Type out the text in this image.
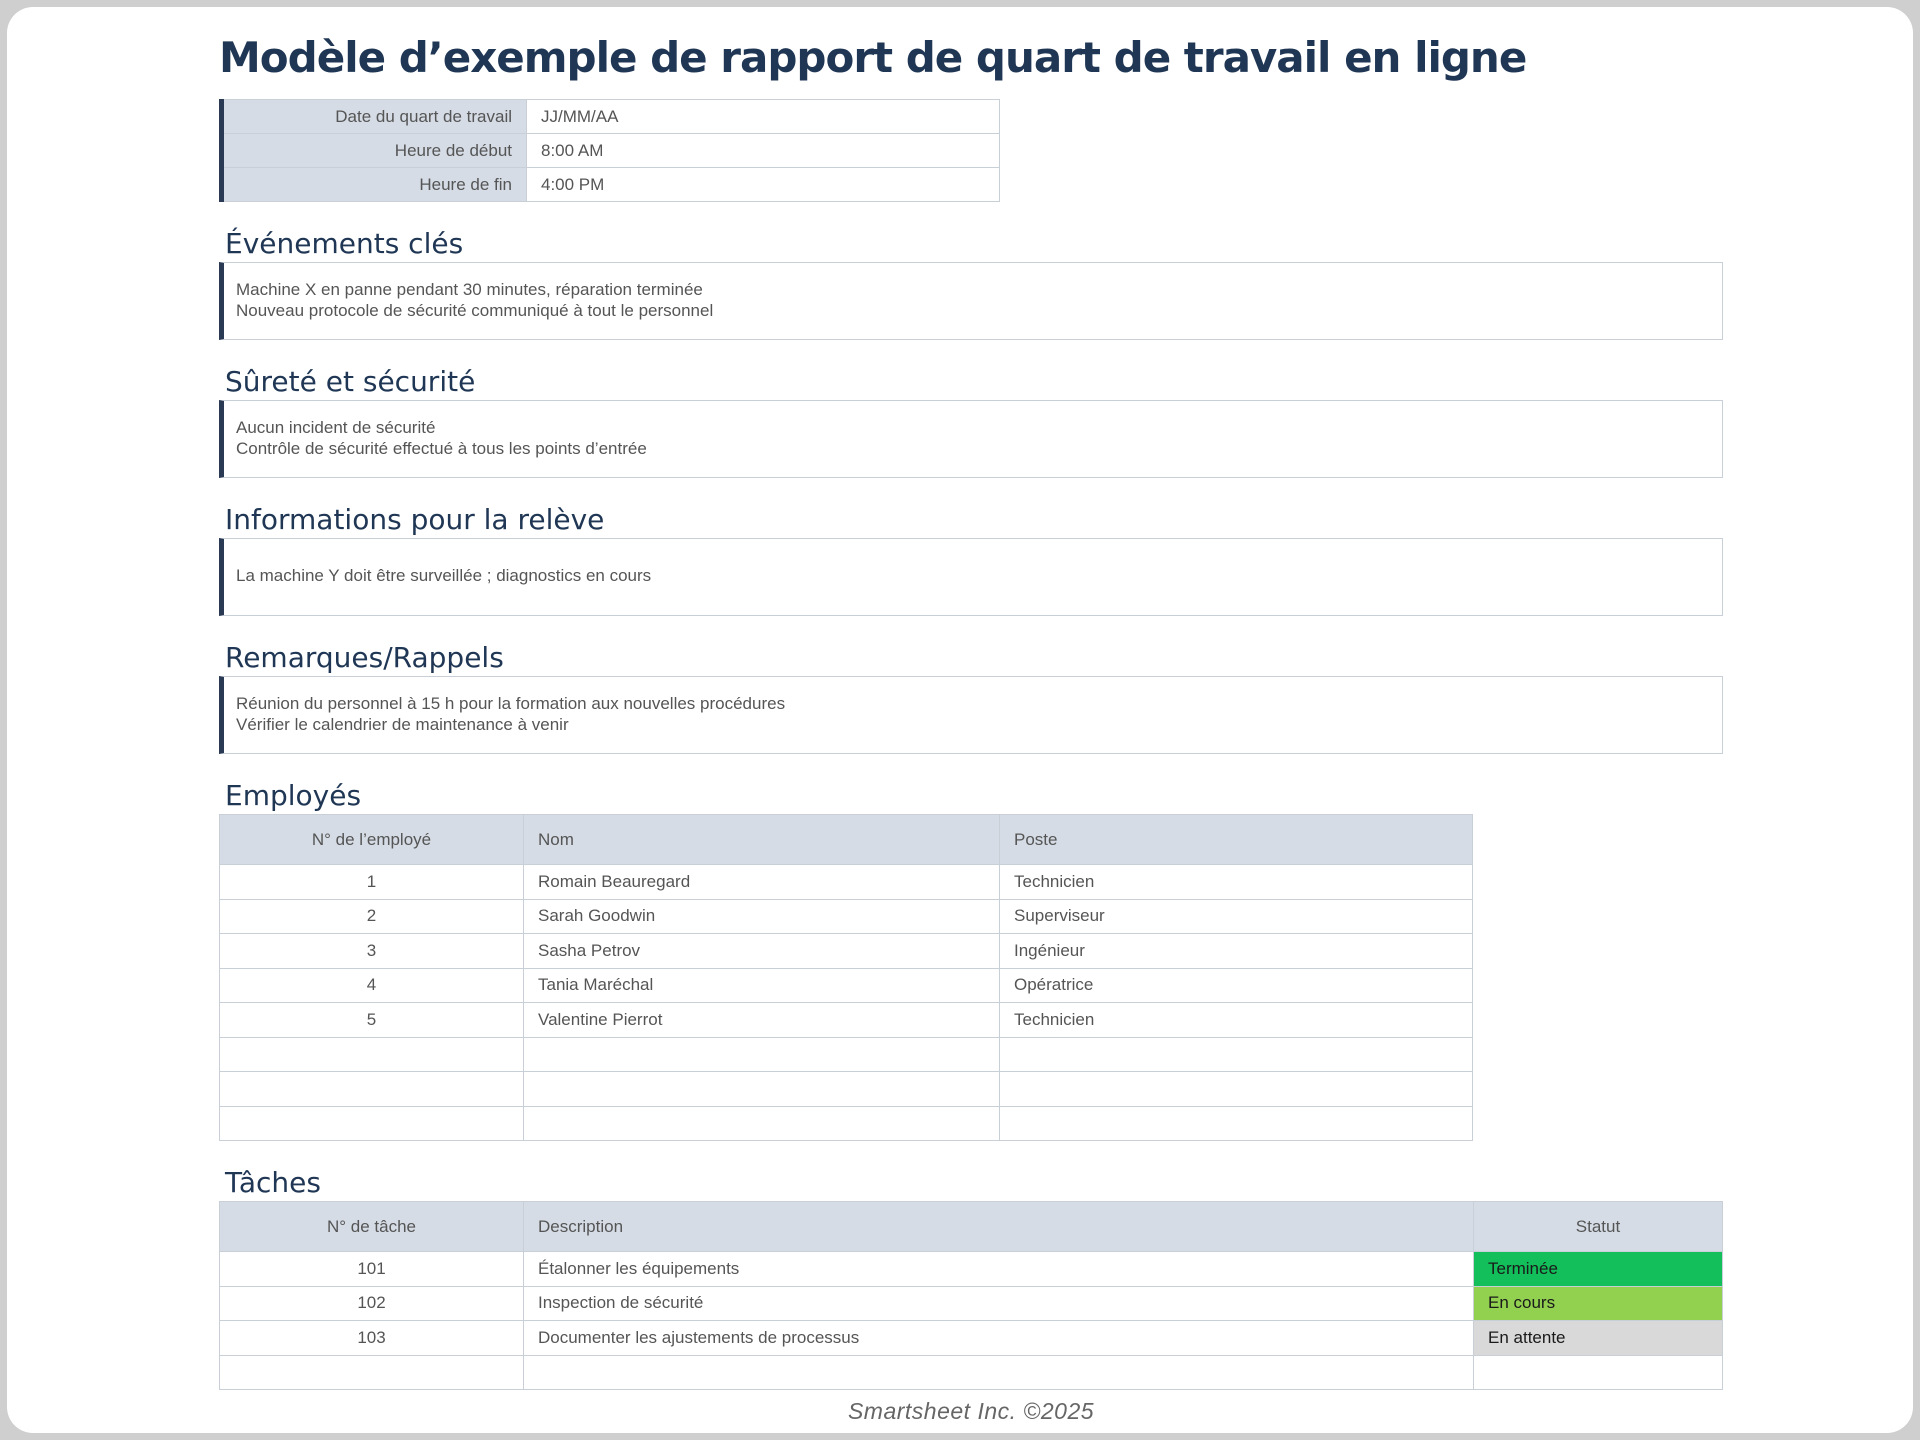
Modèle d’exemple de rapport de quart de travail en ligne
Date du quart de travail	JJ/MM/AA
Heure de début	8:00 AM
Heure de fin	4:00 PM
Événements clés
Machine X en panne pendant 30 minutes, réparation terminée
Nouveau protocole de sécurité communiqué à tout le personnel
Sûreté et sécurité
Aucun incident de sécurité
Contrôle de sécurité effectué à tous les points d’entrée
Informations pour la relève
La machine Y doit être surveillée ; diagnostics en cours
Remarques/Rappels
Réunion du personnel à 15 h pour la formation aux nouvelles procédures
Vérifier le calendrier de maintenance à venir
Employés
N° de l’employé	Nom	Poste
1	Romain Beauregard	Technicien
2	Sarah Goodwin	Superviseur
3	Sasha Petrov	Ingénieur
4	Tania Maréchal	Opératrice
5	Valentine Pierrot	Technicien

Tâches
N° de tâche	Description	Statut
101	Étalonner les équipements	Terminée
102	Inspection de sécurité	En cours
103	Documenter les ajustements de processus	En attente

Smartsheet Inc. ©2025
